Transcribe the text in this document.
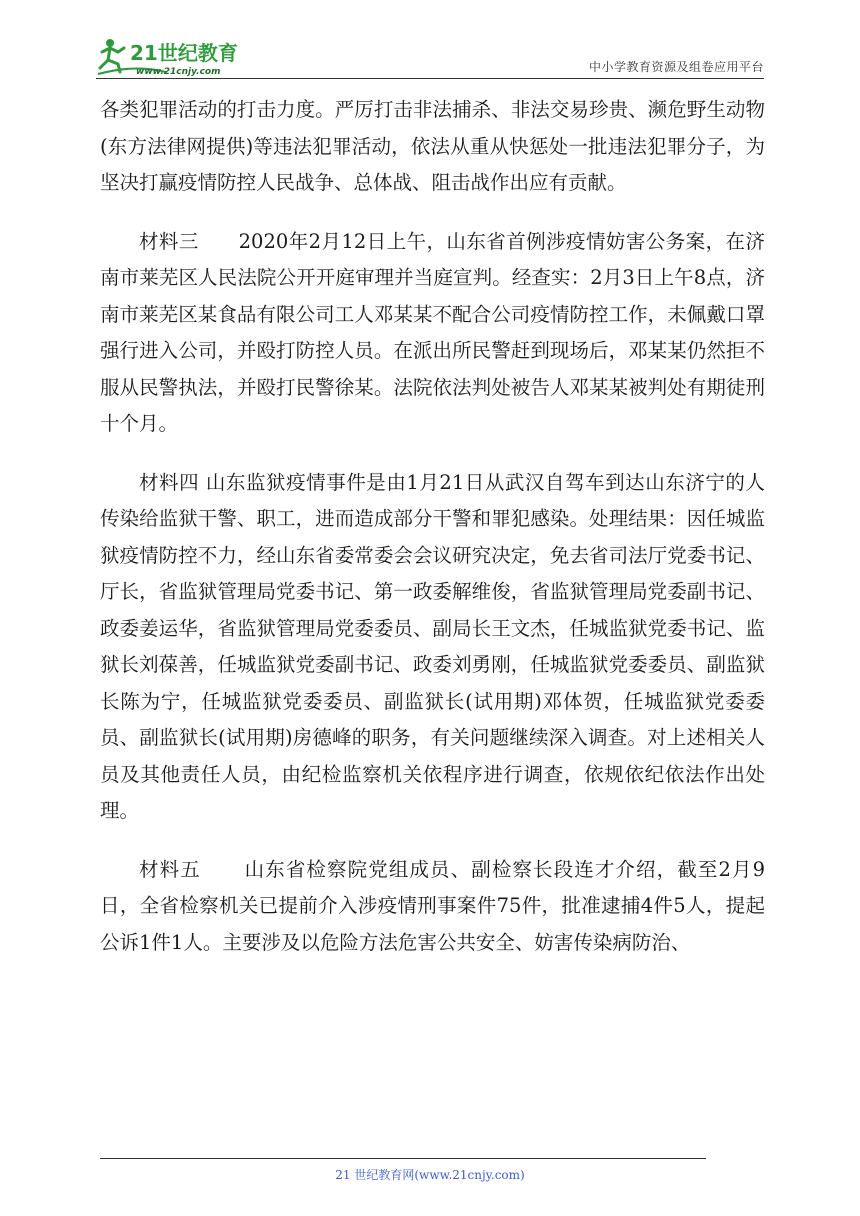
21世纪教育
www.21cnjy.com	中小学教育资源及组卷应用平台

各类犯罪活动的打击力度。严厉打击非法捕杀、非法交易珍贵、濒危野生动物(东方法律网提供)等违法犯罪活动，依法从重从快惩处一批违法犯罪分子，为坚决打赢疫情防控人民战争、总体战、阻击战作出应有贡献。

材料三 2020年2月12日上午，山东省首例涉疫情妨害公务案，在济南市莱芜区人民法院公开开庭审理并当庭宣判。经查实：2月3日上午8点，济南市莱芜区某食品有限公司工人邓某某不配合公司疫情防控工作，未佩戴口罩强行进入公司，并殴打防控人员。在派出所民警赶到现场后，邓某某仍然拒不服从民警执法，并殴打民警徐某。法院依法判处被告人邓某某被判处有期徒刑十个月。

材料四 山东监狱疫情事件是由1月21日从武汉自驾车到达山东济宁的人传染给监狱干警、职工，进而造成部分干警和罪犯感染。处理结果：因任城监狱疫情防控不力，经山东省委常委会会议研究决定，免去省司法厅党委书记、厅长，省监狱管理局党委书记、第一政委解维俊，省监狱管理局党委副书记、政委姜运华，省监狱管理局党委委员、副局长王文杰，任城监狱党委书记、监狱长刘葆善，任城监狱党委副书记、政委刘勇刚，任城监狱党委委员、副监狱长陈为宁，任城监狱党委委员、副监狱长(试用期)邓体贺，任城监狱党委委员、副监狱长(试用期)房德峰的职务，有关问题继续深入调查。对上述相关人员及其他责任人员，由纪检监察机关依程序进行调查，依规依纪依法作出处理。

材料五 山东省检察院党组成员、副检察长段连才介绍，截至2月9日，全省检察机关已提前介入涉疫情刑事案件75件，批准逮捕4件5人，提起公诉1件1人。主要涉及以危险方法危害公共安全、妨害传染病防治、

21 世纪教育网(www.21cnjy.com)
